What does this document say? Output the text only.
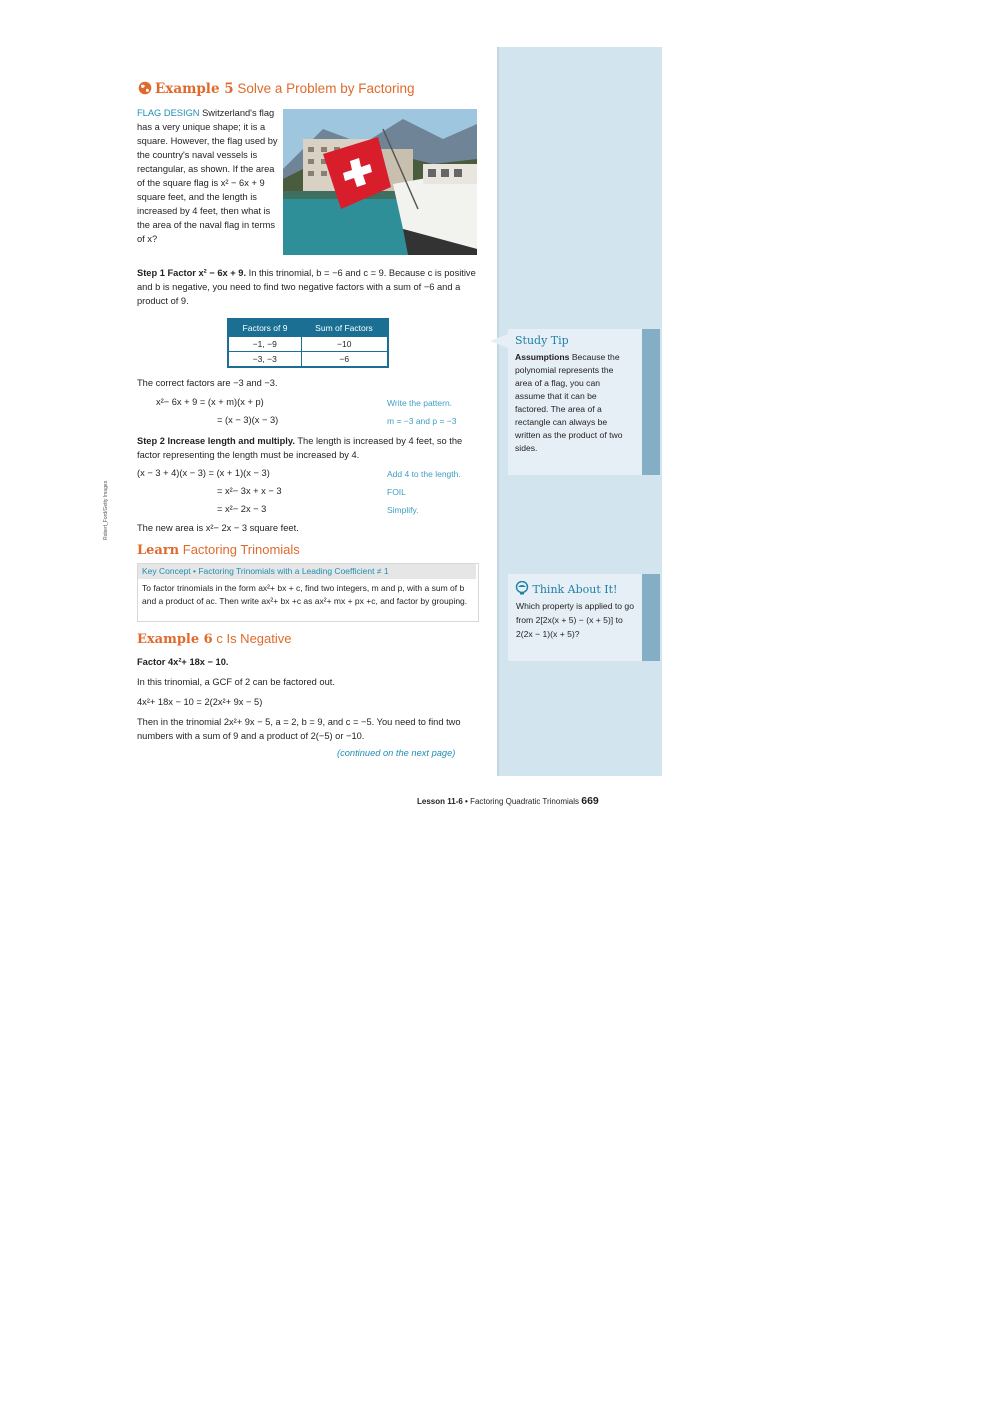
Example 5 Solve a Problem by Factoring
FLAG DESIGN Switzerland's flag has a very unique shape; it is a square. However, the flag used by the country's naval vessels is rectangular, as shown. If the area of the square flag is x² − 6x + 9 square feet, and the length is increased by 4 feet, then what is the area of the naval flag in terms of x?
Step 1 Factor x² − 6x + 9. In this trinomial, b = −6 and c = 9. Because c is positive and b is negative, you need to find two negative factors with a sum of −6 and a product of 9.
Factors of 9	Sum of Factors
−1, −9	−10
−3, −3	−6
The correct factors are −3 and −3.
x²− 6x + 9 = (x + m)(x + p)	Write the pattern.
= (x − 3)(x − 3)	m = −3 and p = −3
Step 2 Increase length and multiply. The length is increased by 4 feet, so the factor representing the length must be increased by 4.
(x − 3 + 4)(x − 3) = (x + 1)(x − 3)	Add 4 to the length.
= x²− 3x + x − 3	FOIL
= x²− 2x − 3	Simplify.
The new area is x²− 2x − 3 square feet.
Learn Factoring Trinomials
Key Concept • Factoring Trinomials with a Leading Coefficient ≠ 1
To factor trinomials in the form ax²+ bx + c, find two integers, m and p, with a sum of b and a product of ac. Then write ax²+ bx +c as ax²+ mx + px +c, and factor by grouping.
Example 6 c Is Negative
Factor 4x²+ 18x − 10.
In this trinomial, a GCF of 2 can be factored out.
4x²+ 18x − 10 = 2(2x²+ 9x − 5)
Then in the trinomial 2x²+ 9x − 5, a = 2, b = 9, and c = −5. You need to find two numbers with a sum of 9 and a product of 2(−5) or −10.
(continued on the next page)
Study Tip
Assumptions Because the polynomial represents the area of a flag, you can assume that it can be factored. The area of a rectangle can always be written as the product of two sides.
Think About It!
Which property is applied to go from 2[2x(x + 5) − (x + 5)] to 2(2x − 1)(x + 5)?
Robert_Ford/Getty Images
Lesson 11-6 • Factoring Quadratic Trinomials 669
